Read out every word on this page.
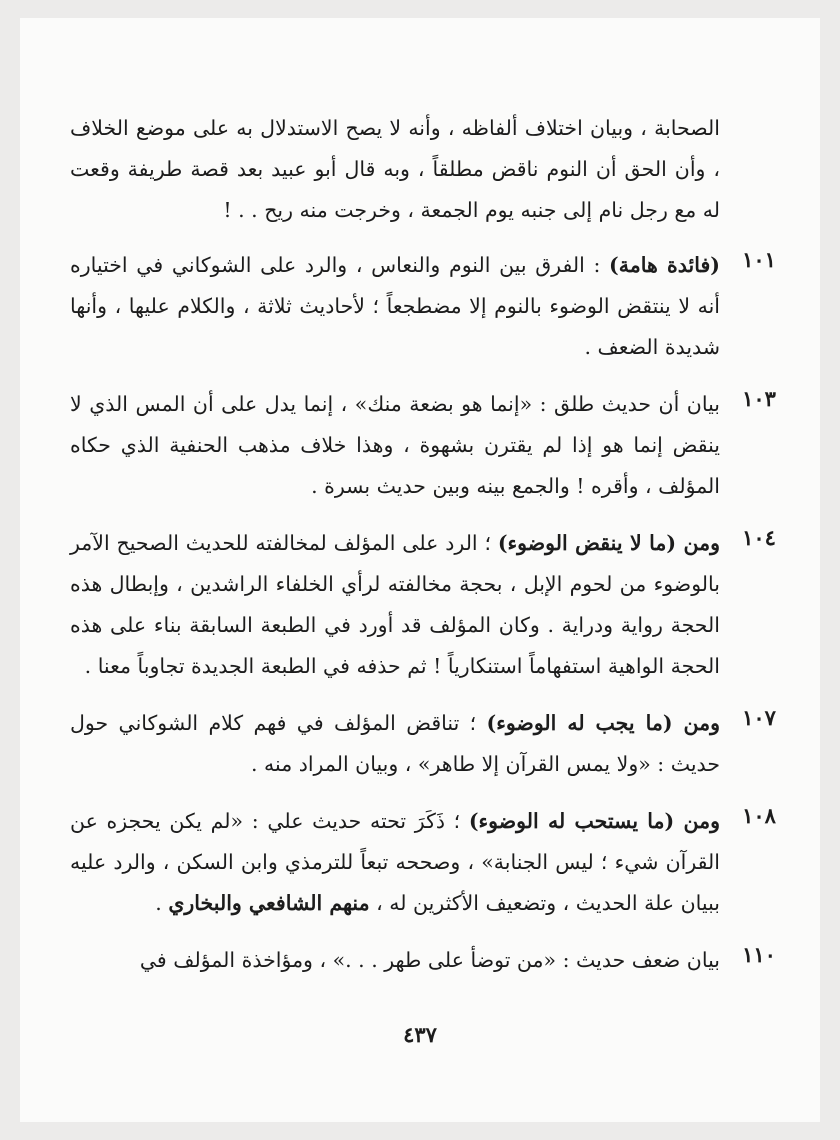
الصحابة ، وبيان اختلاف ألفاظه ، وأنه لا يصح الاستدلال به على موضع الخلاف ، وأن الحق أن النوم ناقض مطلقاً ، وبه قال أبو عبيد بعد قصة طريفة وقعت له مع رجل نام إلى جنبه يوم الجمعة ، وخرجت منه ريح . . !
١٠١
(فائدة هامة) : الفرق بين النوم والنعاس ، والرد على الشوكاني في اختياره أنه لا ينتقض الوضوء بالنوم إلا مضطجعاً ؛ لأحاديث ثلاثة ، والكلام عليها ، وأنها شديدة الضعف .
١٠٣
بيان أن حديث طلق : «إنما هو بضعة منك» ، إنما يدل على أن المس الذي لا ينقض إنما هو إذا لم يقترن بشهوة ، وهذا خلاف مذهب الحنفية الذي حكاه المؤلف ، وأقره ! والجمع بينه وبين حديث بسرة .
١٠٤
ومن (ما لا ينقض الوضوء) ؛ الرد على المؤلف لمخالفته للحديث الصحيح الآمر بالوضوء من لحوم الإبل ، بحجة مخالفته لرأي الخلفاء الراشدين ، وإبطال هذه الحجة رواية ودراية . وكان المؤلف قد أورد في الطبعة السابقة بناء على هذه الحجة الواهية استفهاماً استنكارياً ! ثم حذفه في الطبعة الجديدة تجاوباً معنا .
١٠٧
ومن (ما يجب له الوضوء) ؛ تناقض المؤلف في فهم كلام الشوكاني حول حديث : «ولا يمس القرآن إلا طاهر» ، وبيان المراد منه .
١٠٨
ومن (ما يستحب له الوضوء) ؛ ذَكَرَ تحته حديث علي : «لم يكن يحجزه عن القرآن شيء ؛ ليس الجنابة» ، وصححه تبعاً للترمذي وابن السكن ، والرد عليه ببيان علة الحديث ، وتضعيف الأكثرين له ، منهم الشافعي والبخاري .
١١٠
بيان ضعف حديث : «من توضأ على طهر . . .» ، ومؤاخذة المؤلف في
٤٣٧
